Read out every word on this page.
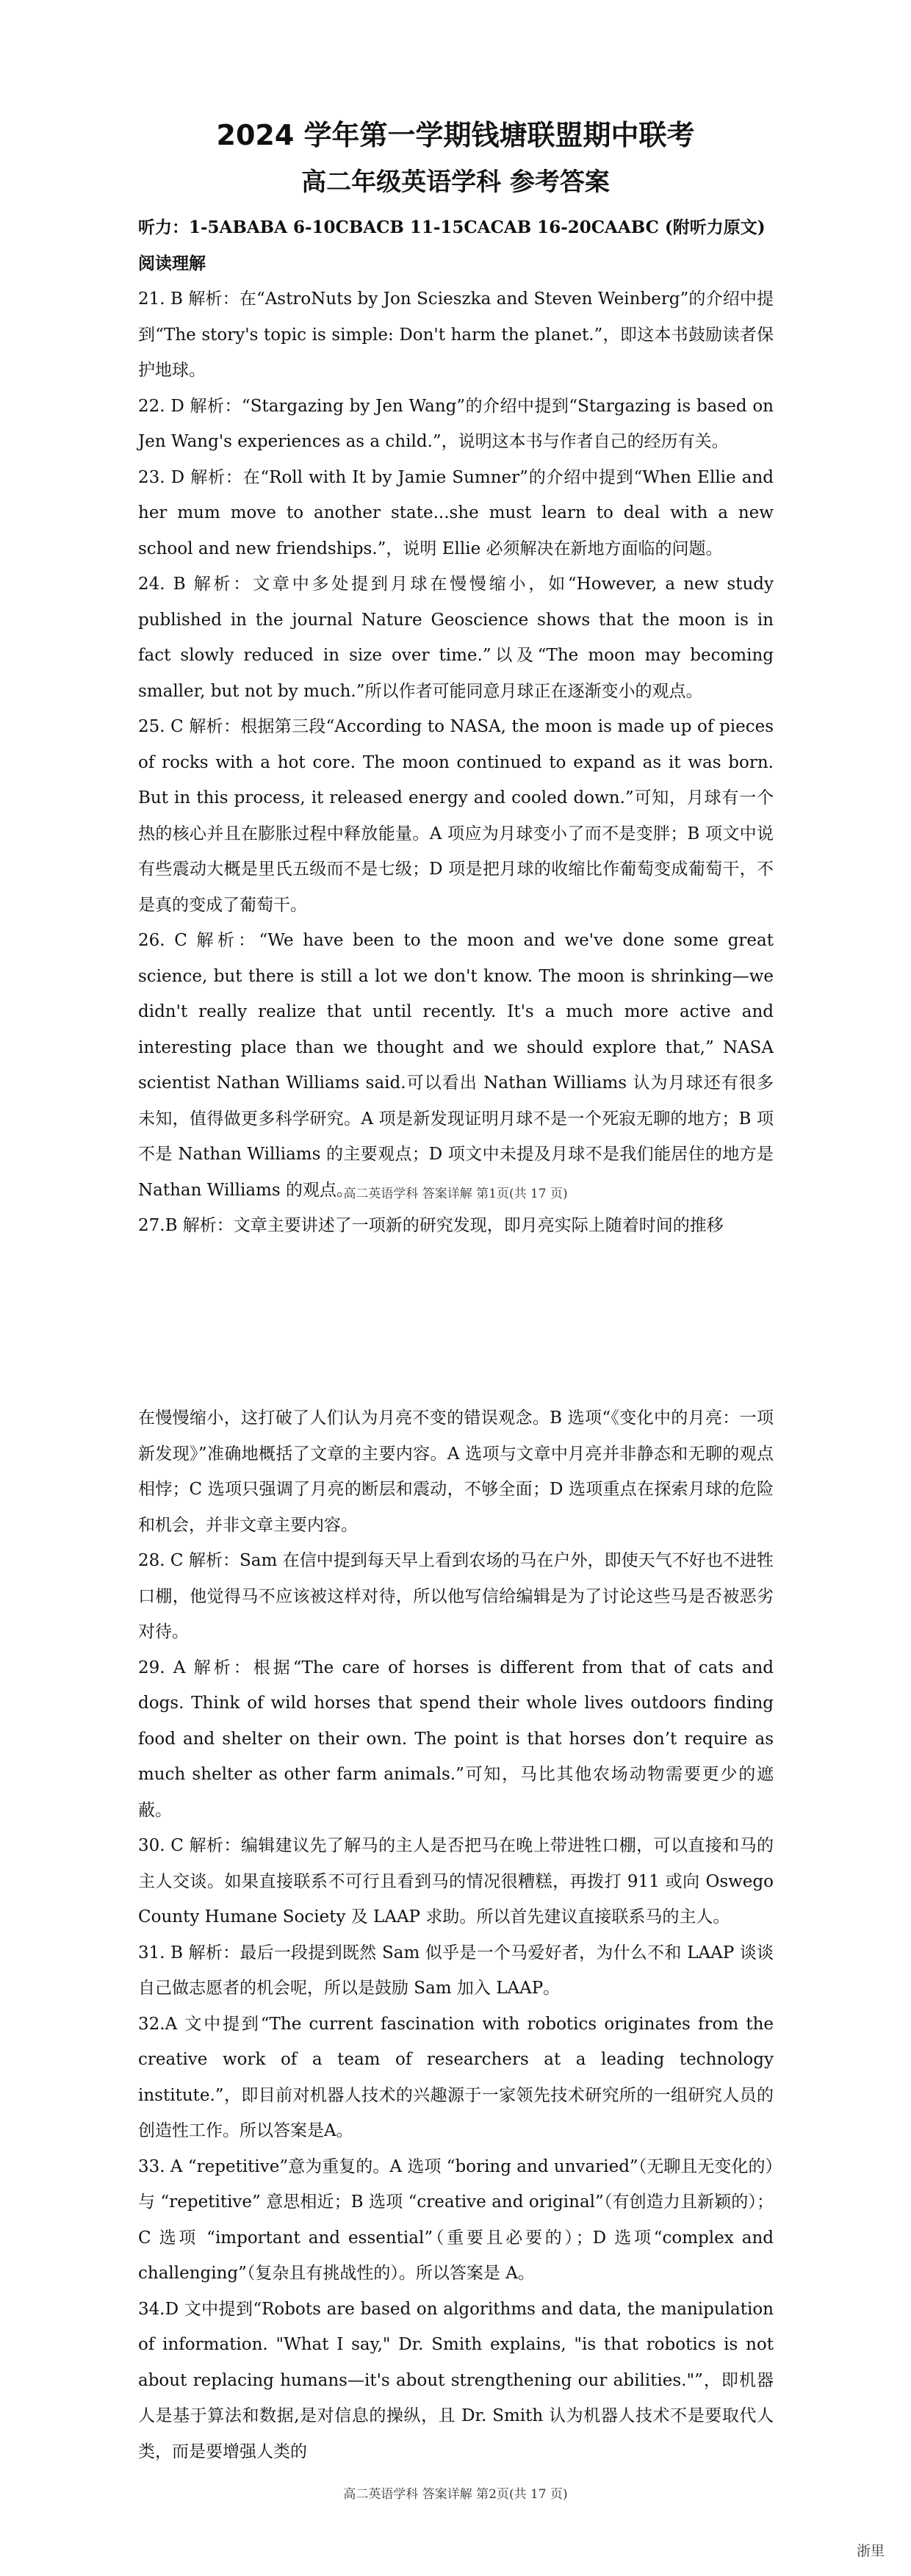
2024 学年第一学期钱塘联盟期中联考
高二年级英语学科 参考答案

听力：1-5ABABA 6-10CBACB 11-15CACAB 16-20CAABC (附听力原文)

阅读理解

21. B 解析：在“AstroNuts by Jon Scieszka and Steven Weinberg”的介绍中提到“The story's topic is simple: Don't harm the planet.”，即这本书鼓励读者保护地球。

22. D 解析：“Stargazing by Jen Wang”的介绍中提到“Stargazing is based on Jen Wang's experiences as a child.”，说明这本书与作者自己的经历有关。

23. D 解析：在“Roll with It by Jamie Sumner”的介绍中提到“When Ellie and her mum move to another state...she must learn to deal with a new school and new friendships.”，说明 Ellie 必须解决在新地方面临的问题。

24. B 解析：文章中多处提到月球在慢慢缩小，如“However, a new study published in the journal Nature Geoscience shows that the moon is in fact slowly reduced in size over time.”以及“The moon may becoming smaller, but not by much.”所以作者可能同意月球正在逐渐变小的观点。

25. C 解析：根据第三段“According to NASA, the moon is made up of pieces of rocks with a hot core. The moon continued to expand as it was born. But in this process, it released energy and cooled down.”可知，月球有一个热的核心并且在膨胀过程中释放能量。A 项应为月球变小了而不是变胖；B 项文中说有些震动大概是里氏五级而不是七级；D 项是把月球的收缩比作葡萄变成葡萄干，不是真的变成了葡萄干。

26. C 解析：“We have been to the moon and we've done some great science, but there is still a lot we don't know. The moon is shrinking—we didn't really realize that until recently. It's a much more active and interesting place than we thought and we should explore that,” NASA scientist Nathan Williams said.可以看出 Nathan Williams 认为月球还有很多未知，值得做更多科学研究。A 项是新发现证明月球不是一个死寂无聊的地方；B 项不是 Nathan Williams 的主要观点；D 项文中未提及月球不是我们能居住的地方是 Nathan Williams 的观点。

27.B 解析：文章主要讲述了一项新的研究发现，即月亮实际上随着时间的推移

高二英语学科 答案详解 第1页(共 17 页)

在慢慢缩小，这打破了人们认为月亮不变的错误观念。B 选项“《变化中的月亮：一项新发现》”准确地概括了文章的主要内容。A 选项与文章中月亮并非静态和无聊的观点相悖；C 选项只强调了月亮的断层和震动，不够全面；D 选项重点在探索月球的危险和机会，并非文章主要内容。

28. C 解析：Sam 在信中提到每天早上看到农场的马在户外，即使天气不好也不进牲口棚，他觉得马不应该被这样对待，所以他写信给编辑是为了讨论这些马是否被恶劣对待。

29. A 解析：根据“The care of horses is different from that of cats and dogs. Think of wild horses that spend their whole lives outdoors finding food and shelter on their own. The point is that horses don’t require as much shelter as other farm animals.”可知，马比其他农场动物需要更少的遮蔽。

30. C 解析：编辑建议先了解马的主人是否把马在晚上带进牲口棚，可以直接和马的主人交谈。如果直接联系不可行且看到马的情况很糟糕，再拨打 911 或向 Oswego County Humane Society 及 LAAP 求助。所以首先建议直接联系马的主人。

31. B 解析：最后一段提到既然 Sam 似乎是一个马爱好者，为什么不和 LAAP 谈谈自己做志愿者的机会呢，所以是鼓励 Sam 加入 LAAP。

32.A 文中提到“The current fascination with robotics originates from the creative work of a team of researchers at a leading technology institute.”，即目前对机器人技术的兴趣源于一家领先技术研究所的一组研究人员的创造性工作。所以答案是A。

33. A “repetitive”意为重复的。A 选项 “boring and unvaried”（无聊且无变化的）与 “repetitive” 意思相近；B 选项 “creative and original”（有创造力且新颖的）；C 选项 “important and essential”（重要且必要的）；D 选项“complex and challenging”（复杂且有挑战性的）。所以答案是 A。

34.D 文中提到“Robots are based on algorithms and data, the manipulation of information. "What I say," Dr. Smith explains, "is that robotics is not about replacing humans—it's about strengthening our abilities."”，即机器人是基于算法和数据,是对信息的操纵，且 Dr. Smith 认为机器人技术不是要取代人类，而是要增强人类的

高二英语学科 答案详解 第2页(共 17 页)
浙里
